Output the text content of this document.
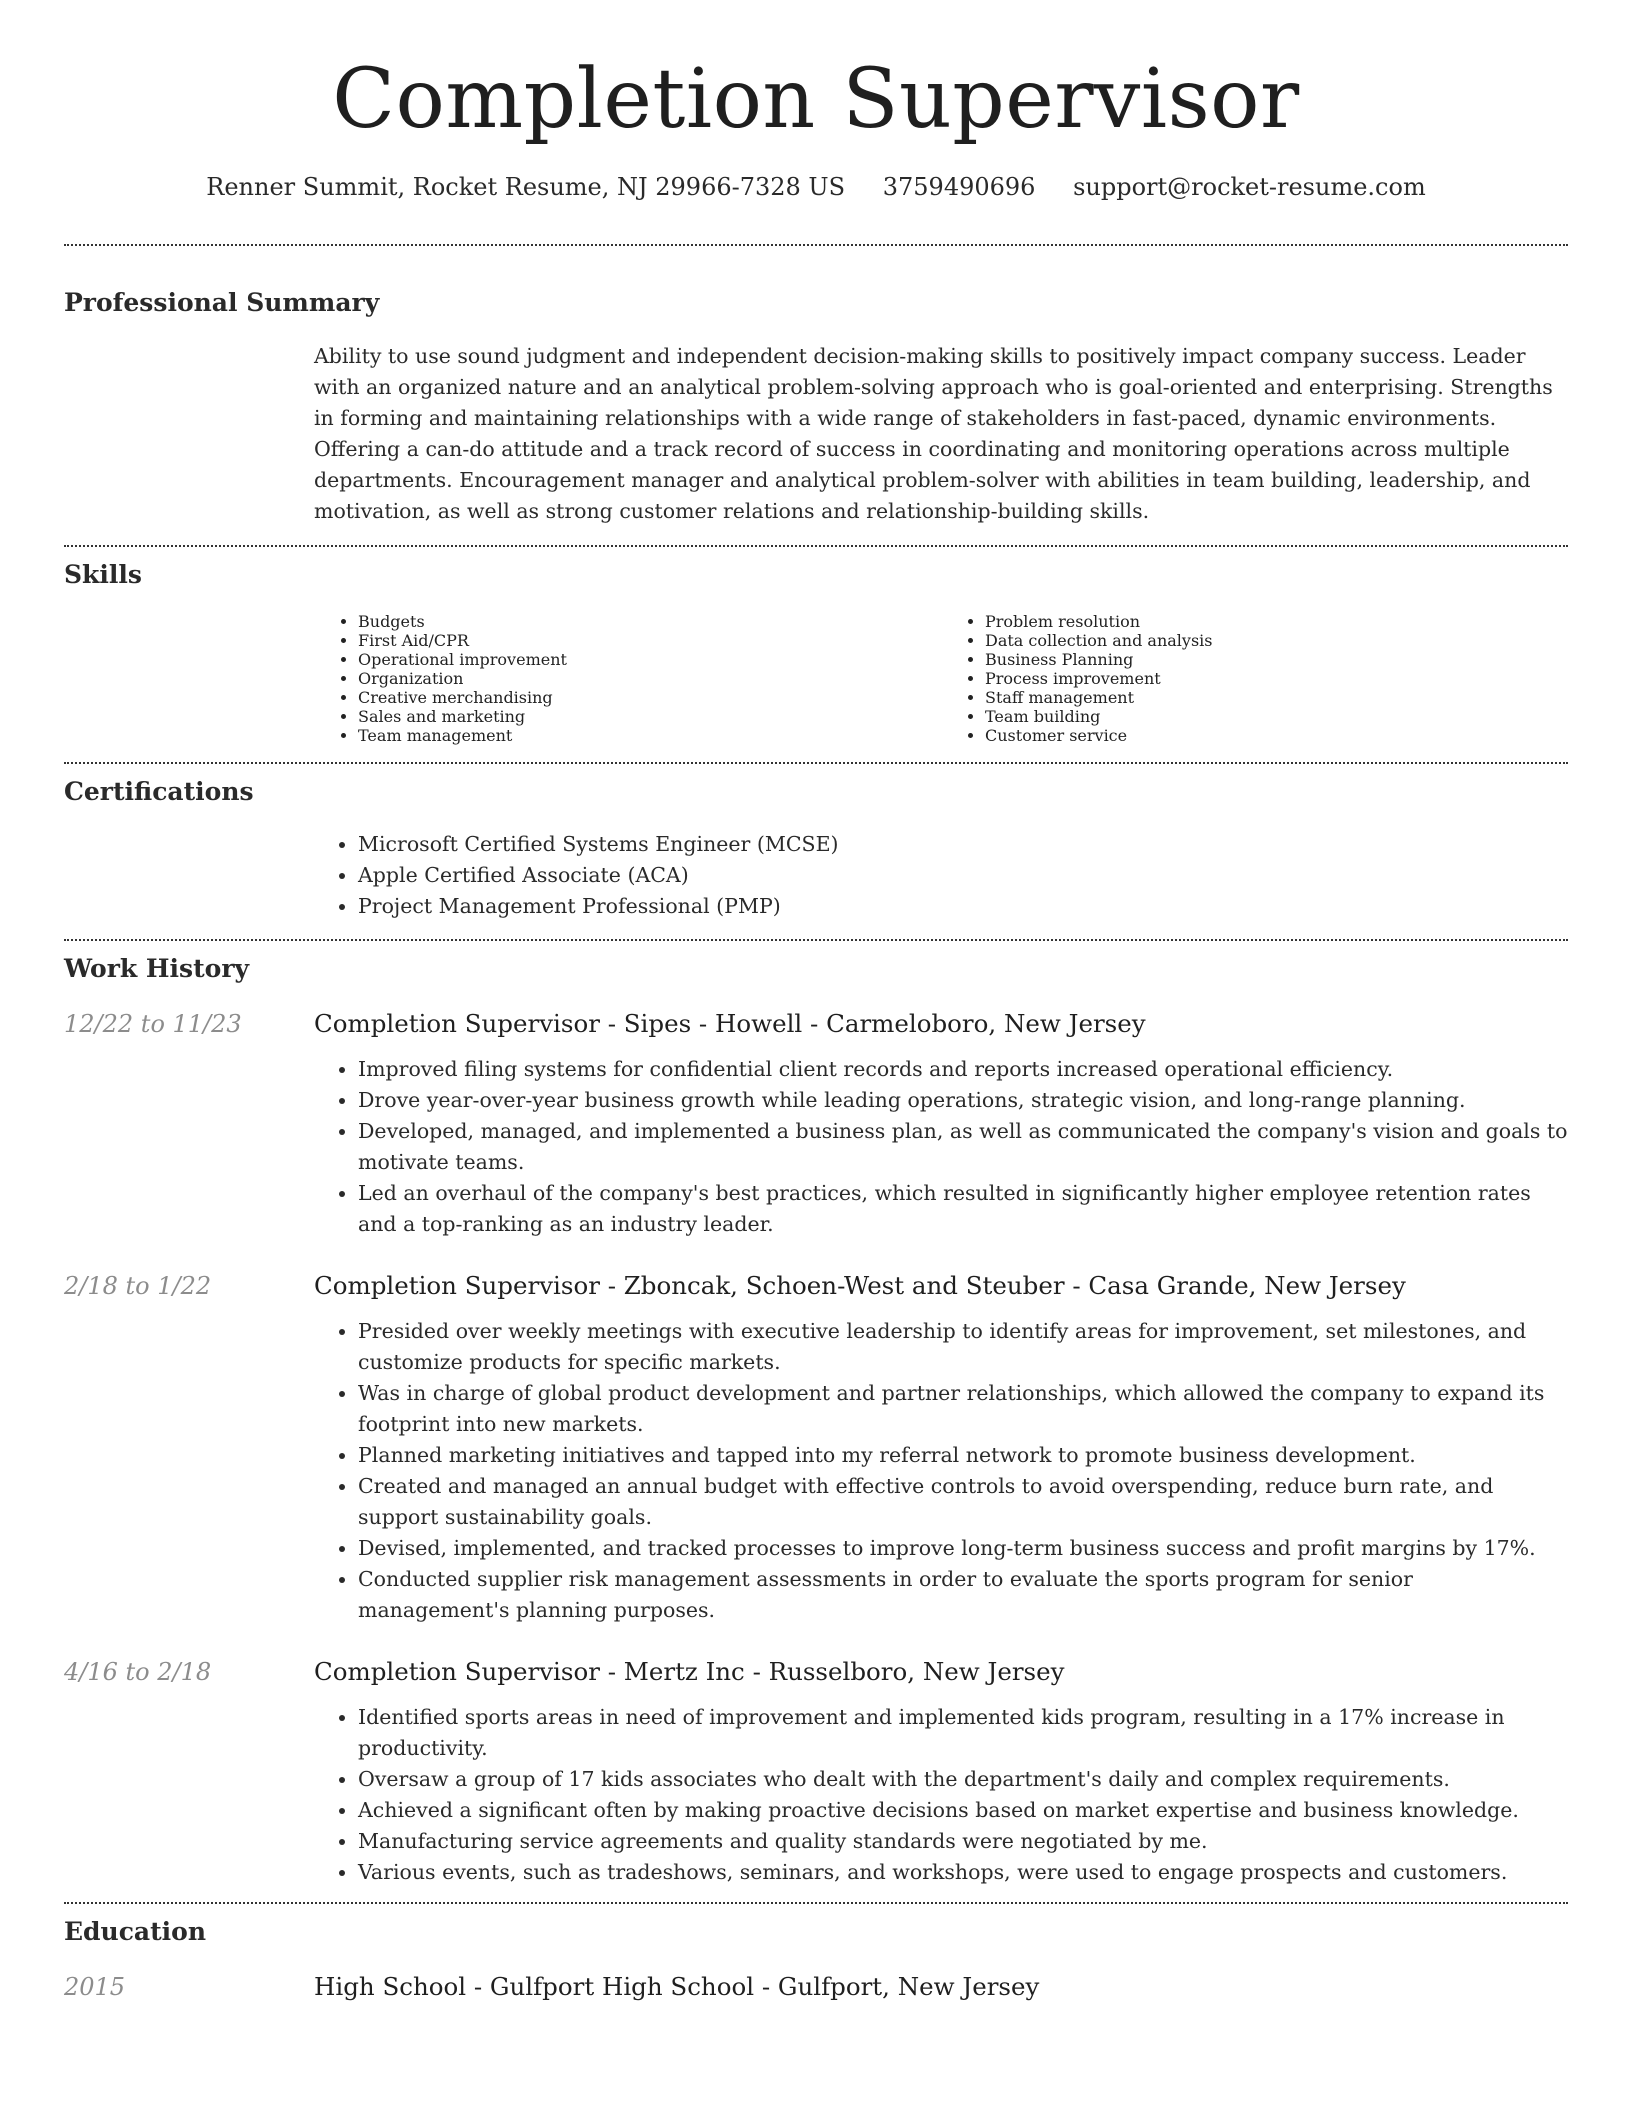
Completion Supervisor
Renner Summit, Rocket Resume, NJ 29966-7328 US 3759490696 support@rocket-resume.com
Professional Summary

Ability to use sound judgment and independent decision-making skills to positively impact company success. Leader with an organized nature and an analytical problem-solving approach who is goal-oriented and enterprising. Strengths in forming and maintaining relationships with a wide range of stakeholders in fast-paced, dynamic environments. Offering a can-do attitude and a track record of success in coordinating and monitoring operations across multiple departments. Encouragement manager and analytical problem-solver with abilities in team building, leadership, and motivation, as well as strong customer relations and relationship-building skills.

Skills
• Budgets
• First Aid/CPR
• Operational improvement
• Organization
• Creative merchandising
• Sales and marketing
• Team management
• Problem resolution
• Data collection and analysis
• Business Planning
• Process improvement
• Staff management
• Team building
• Customer service
Certifications
• Microsoft Certified Systems Engineer (MCSE)
• Apple Certified Associate (ACA)
• Project Management Professional (PMP)
Work History
12/22 to 11/23	Completion Supervisor - Sipes - Howell - Carmeloboro, New Jersey
• Improved filing systems for confidential client records and reports increased operational efficiency.
• Drove year-over-year business growth while leading operations, strategic vision, and long-range planning.
• Developed, managed, and implemented a business plan, as well as communicated the company's vision and goals to motivate teams.
• Led an overhaul of the company's best practices, which resulted in significantly higher employee retention rates and a top-ranking as an industry leader.
2/18 to 1/22	Completion Supervisor - Zboncak, Schoen-West and Steuber - Casa Grande, New Jersey
• Presided over weekly meetings with executive leadership to identify areas for improvement, set milestones, and customize products for specific markets.
• Was in charge of global product development and partner relationships, which allowed the company to expand its footprint into new markets.
• Planned marketing initiatives and tapped into my referral network to promote business development.
• Created and managed an annual budget with effective controls to avoid overspending, reduce burn rate, and support sustainability goals.
• Devised, implemented, and tracked processes to improve long-term business success and profit margins by 17%.
• Conducted supplier risk management assessments in order to evaluate the sports program for senior management's planning purposes.
4/16 to 2/18	Completion Supervisor - Mertz Inc - Russelboro, New Jersey
• Identified sports areas in need of improvement and implemented kids program, resulting in a 17% increase in productivity.
• Oversaw a group of 17 kids associates who dealt with the department's daily and complex requirements.
• Achieved a significant often by making proactive decisions based on market expertise and business knowledge.
• Manufacturing service agreements and quality standards were negotiated by me.
• Various events, such as tradeshows, seminars, and workshops, were used to engage prospects and customers.
Education
2015	High School - Gulfport High School - Gulfport, New Jersey
